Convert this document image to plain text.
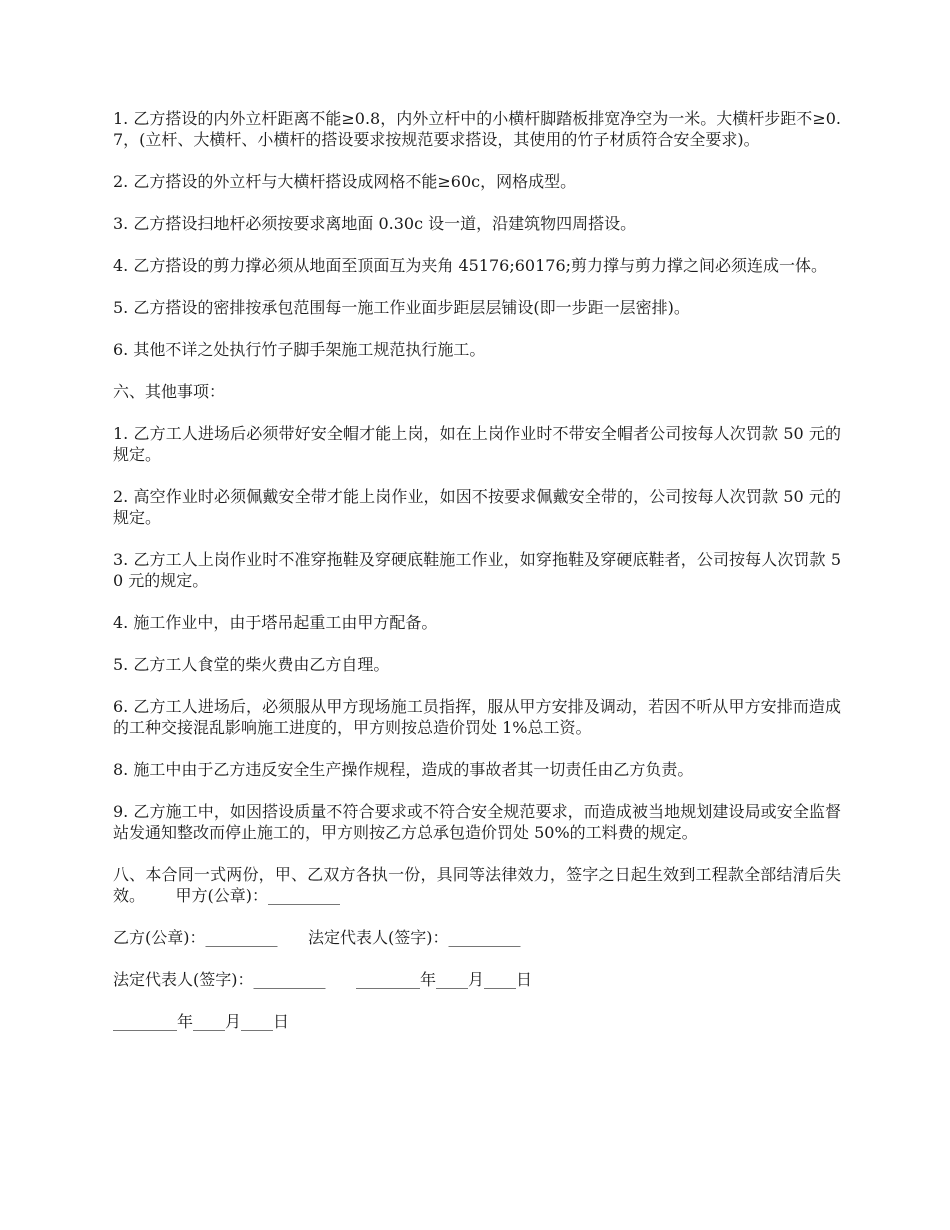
1. 乙方搭设的内外立杆距离不能≥0.8，内外立杆中的小横杆脚踏板排宽净空为一米。大横杆步距不≥0.7，(立杆、大横杆、小横杆的搭设要求按规范要求搭设，其使用的竹子材质符合安全要求)。

2. 乙方搭设的外立杆与大横杆搭设成网格不能≥60c，网格成型。

3. 乙方搭设扫地杆必须按要求离地面 0.30c 设一道，沿建筑物四周搭设。

4. 乙方搭设的剪力撑必须从地面至顶面互为夹角 45176;60176;剪力撑与剪力撑之间必须连成一体。

5. 乙方搭设的密排按承包范围每一施工作业面步距层层铺设(即一步距一层密排)。

6. 其他不详之处执行竹子脚手架施工规范执行施工。

六、其他事项：

1. 乙方工人进场后必须带好安全帽才能上岗，如在上岗作业时不带安全帽者公司按每人次罚款 50 元的规定。

2. 高空作业时必须佩戴安全带才能上岗作业，如因不按要求佩戴安全带的，公司按每人次罚款 50 元的规定。

3. 乙方工人上岗作业时不准穿拖鞋及穿硬底鞋施工作业，如穿拖鞋及穿硬底鞋者，公司按每人次罚款 50 元的规定。

4. 施工作业中，由于塔吊起重工由甲方配备。

5. 乙方工人食堂的柴火费由乙方自理。

6. 乙方工人进场后，必须服从甲方现场施工员指挥，服从甲方安排及调动，若因不听从甲方安排而造成的工种交接混乱影响施工进度的，甲方则按总造价罚处 1%总工资。

8. 施工中由于乙方违反安全生产操作规程，造成的事故者其一切责任由乙方负责。

9. 乙方施工中，如因搭设质量不符合要求或不符合安全规范要求，而造成被当地规划建设局或安全监督站发通知整改而停止施工的，甲方则按乙方总承包造价罚处 50%的工料费的规定。

八、本合同一式两份，甲、乙双方各执一份，具同等法律效力，签字之日起生效到工程款全部结清后失效。      甲方(公章)：_________

乙方(公章)：_________      法定代表人(签字)：_________

法定代表人(签字)：_________      ________年____月____日

________年____月____日
